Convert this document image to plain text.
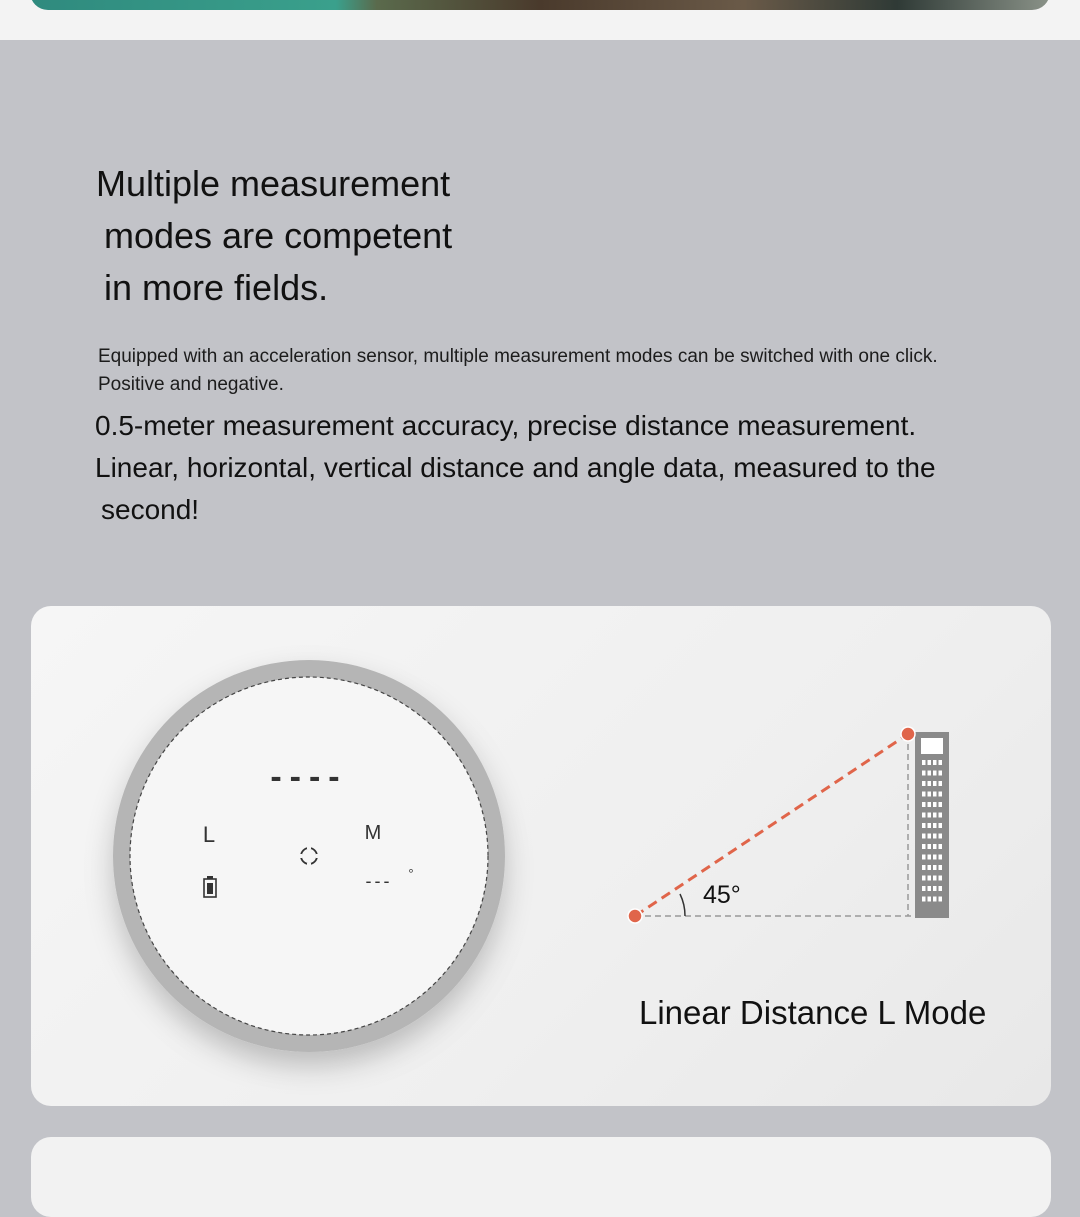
Multiple measurement
modes are competent
in more fields.

Equipped with an acceleration sensor, multiple measurement modes can be switched with one click.
Positive and negative.

0.5-meter measurement accuracy, precise distance measurement.
Linear, horizontal, vertical distance and angle data, measured to the
second!

----
L	M
--- °
45°
Linear Distance L Mode
